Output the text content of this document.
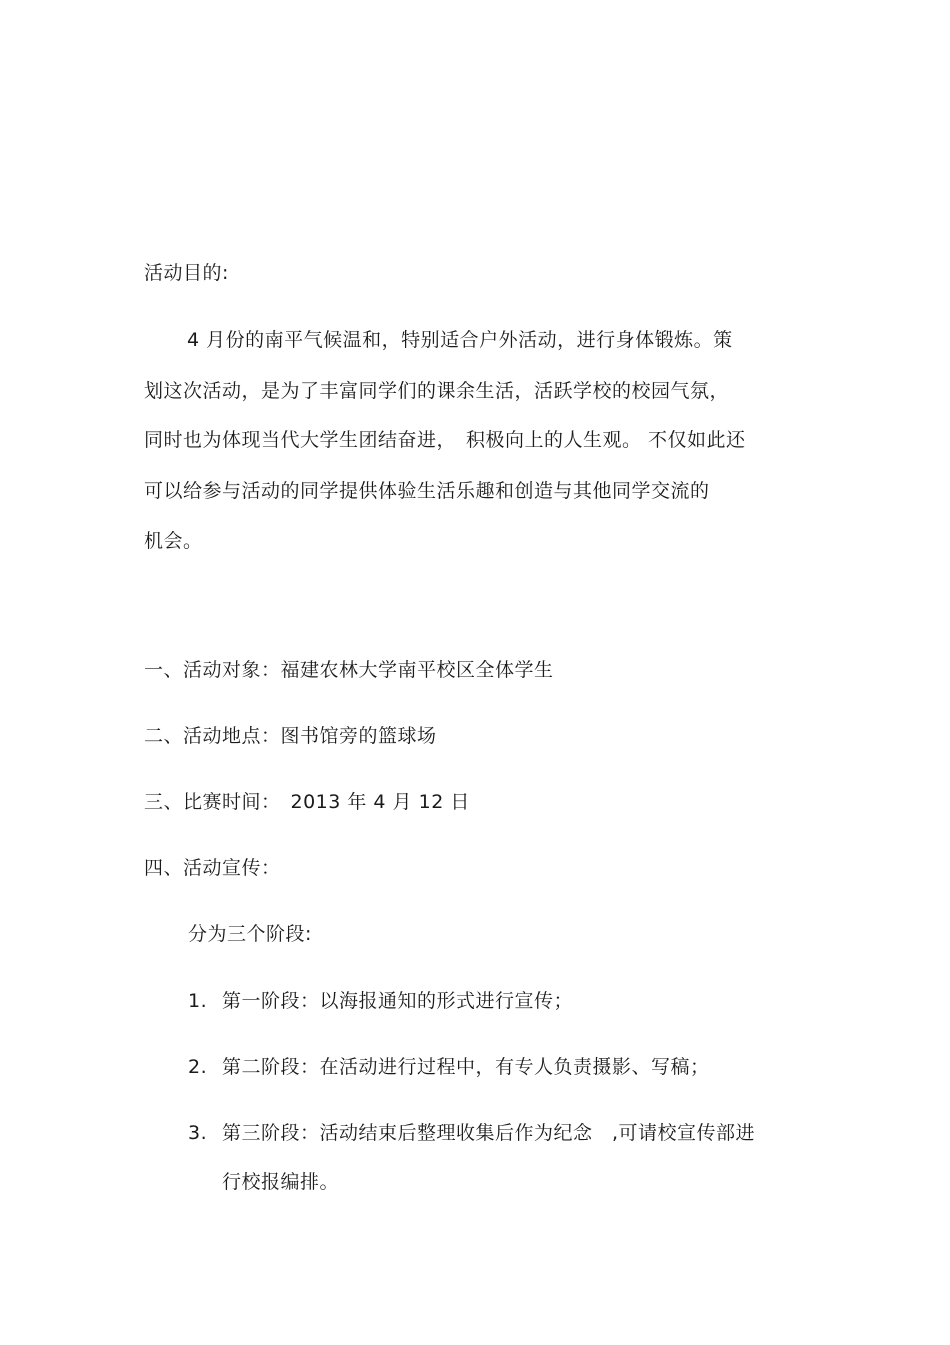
活动目的:
4 月份的南平气候温和，特别适合户外活动，进行身体锻炼。策
划这次活动，是为了丰富同学们的课余生活，活跃学校的校园气氛，
同时也为体现当代大学生团结奋进，　积极向上的人生观。 不仅如此还
可以给参与活动的同学提供体验生活乐趣和创造与其他同学交流的
机会。
一、活动对象：福建农林大学南平校区全体学生
二、活动地点：图书馆旁的篮球场
三、比赛时间：　2013 年 4 月 12 日
四、活动宣传：
分为三个阶段:
1. 第一阶段：以海报通知的形式进行宣传；
2. 第二阶段：在活动进行过程中，有专人负责摄影、写稿；
3. 第三阶段：活动结束后整理收集后作为纪念　,可请校宣传部进
行校报编排。
